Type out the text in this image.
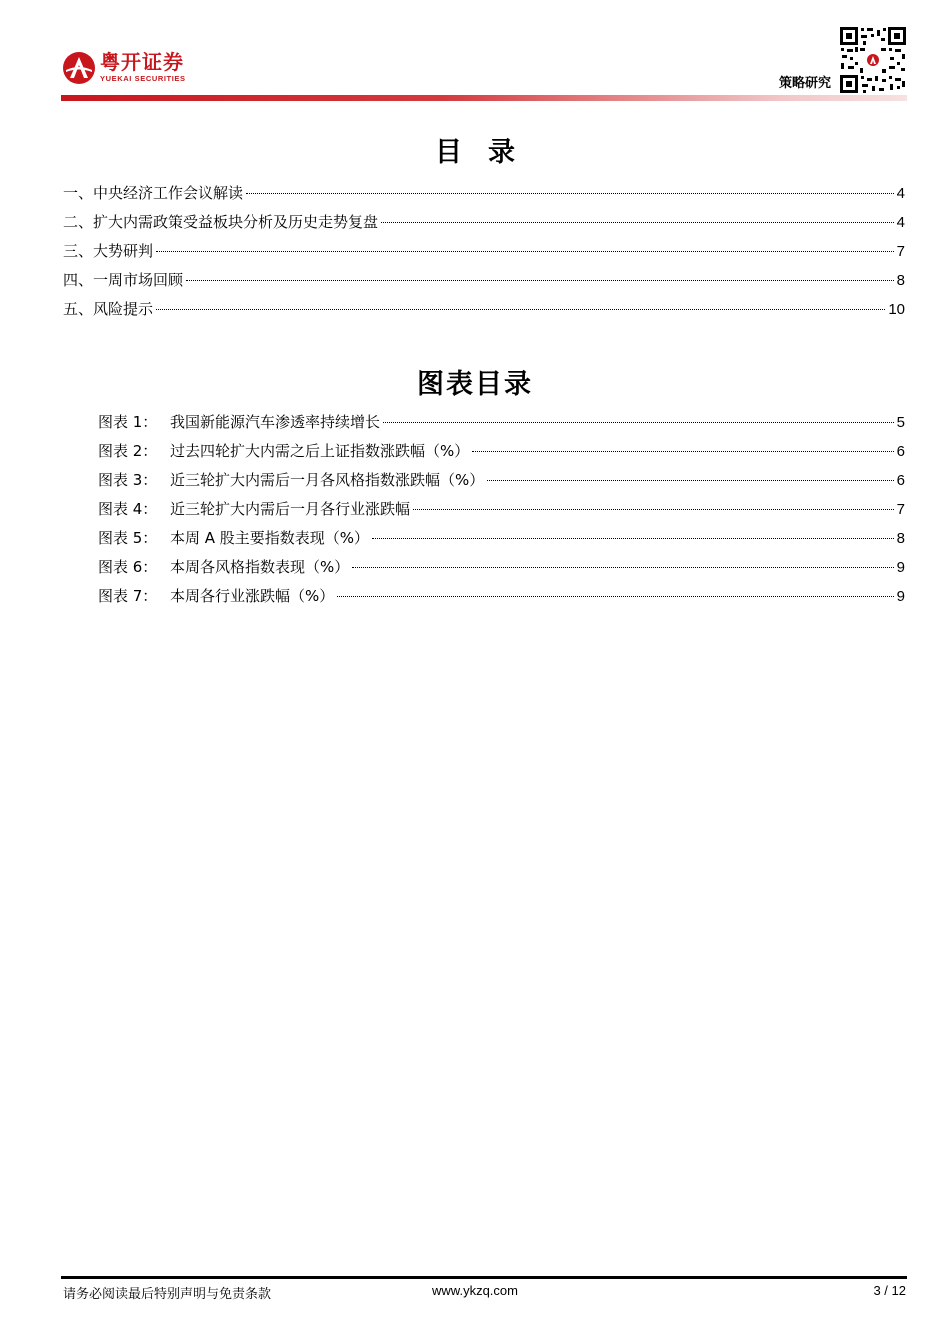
粤开证券
YUEKAI SECURITIES	策略研究
目录
一、中央经济工作会议解读	4
二、扩大内需政策受益板块分析及历史走势复盘	4
三、大势研判	7
四、一周市场回顾	8
五、风险提示	10
图表目录
图表 1： 我国新能源汽车渗透率持续增长	5
图表 2： 过去四轮扩大内需之后上证指数涨跌幅（%）	6
图表 3： 近三轮扩大内需后一月各风格指数涨跌幅（%）	6
图表 4： 近三轮扩大内需后一月各行业涨跌幅	7
图表 5： 本周 A 股主要指数表现（%）	8
图表 6： 本周各风格指数表现（%）	9
图表 7： 本周各行业涨跌幅（%）	9
请务必阅读最后特别声明与免责条款	www.ykzq.com	3 / 12
